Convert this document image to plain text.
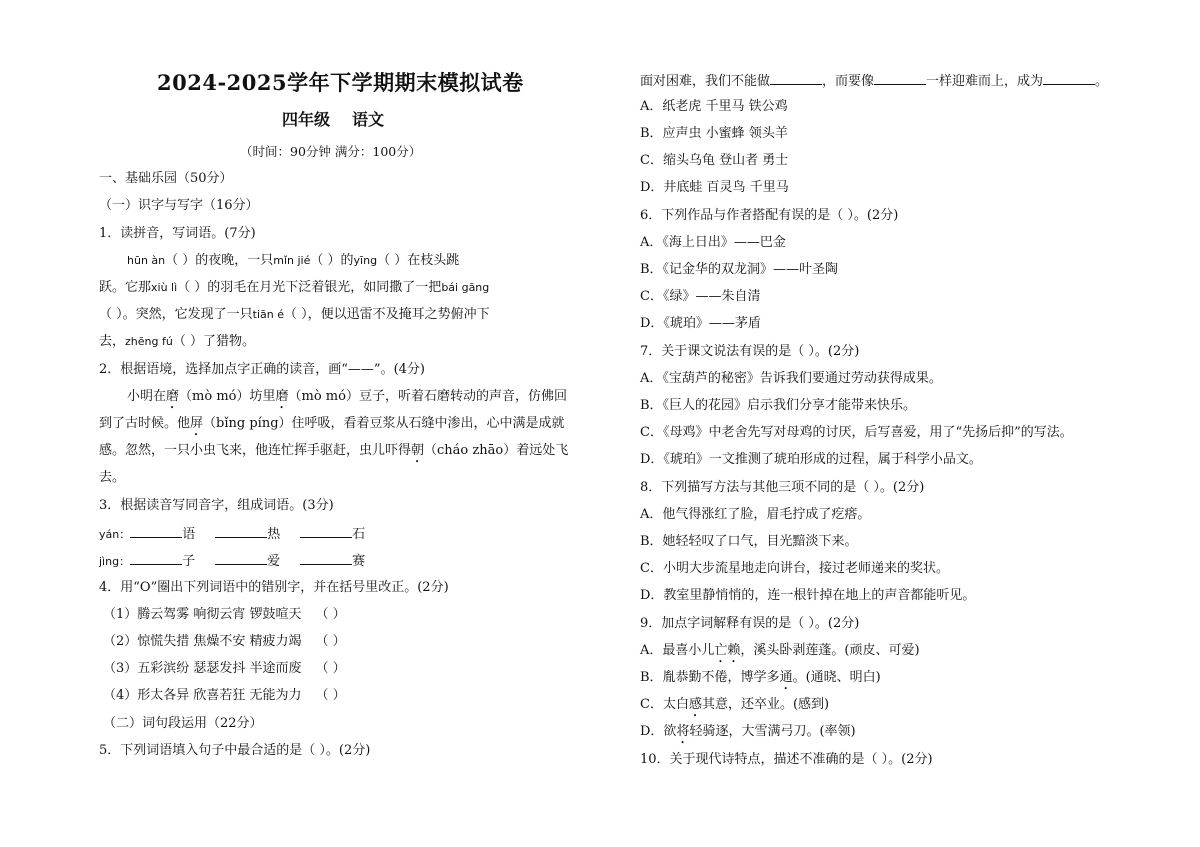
2024-2025学年下学期期末模拟试卷
四年级 语文
（时间：90分钟 满分：100分）
一、基础乐园（50分）
（一）识字与写字（16分）
1．读拼音，写词语。(7分)
hūn àn（ ）的夜晚，一只mǐn jié（ ）的yīng（ ）在枝头跳
跃。它那xiù lì（ ）的羽毛在月光下泛着银光，如同撒了一把bái gāng
（ ）。突然，它发现了一只tiān é（ ），便以迅雷不及掩耳之势俯冲下
去，zhēng fú（ ）了猎物。
2．根据语境，选择加点字正确的读音，画“——”。(4分)
小明在磨（mò mó）坊里磨（mò mó）豆子，听着石磨转动的声音，仿佛回
到了古时候。他屏（bǐng píng）住呼吸，看着豆浆从石缝中渗出，心中满是成就
感。忽然，一只小虫飞来，他连忙挥手驱赶，虫儿吓得朝（cháo zhāo）着远处飞
去。
3．根据读音写同音字，组成词语。(3分)
yán：	语	热	石
jìng：	子	爱	赛
4．用“O”圈出下列词语中的错别字，并在括号里改正。(2分)
（1）腾云驾雾 响彻云宵 锣鼓喧天 （ ）
（2）惊慌失措 焦燥不安 精疲力竭 （ ）
（3）五彩滨纷 瑟瑟发抖 半途而废 （ ）
（4）形太各异 欣喜若狂 无能为力 （ ）
（二）词句段运用（22分）
5．下列词语填入句子中最合适的是（ ）。(2分)
面对困难，我们不能做	，而要像	一样迎难而上，成为	。
A．纸老虎 千里马 铁公鸡
B．应声虫 小蜜蜂 领头羊
C．缩头乌龟 登山者 勇士
D．井底蛙 百灵鸟 千里马
6．下列作品与作者搭配有误的是（ ）。(2分)
A．《海上日出》——巴金
B．《记金华的双龙洞》——叶圣陶
C．《绿》——朱自清
D．《琥珀》——茅盾
7．关于课文说法有误的是（ ）。(2分)
A．《宝葫芦的秘密》告诉我们要通过劳动获得成果。
B．《巨人的花园》启示我们分享才能带来快乐。
C．《母鸡》中老舍先写对母鸡的讨厌，后写喜爱，用了“先扬后抑”的写法。
D．《琥珀》一文推测了琥珀形成的过程，属于科学小品文。
8．下列描写方法与其他三项不同的是（ ）。(2分)
A．他气得涨红了脸，眉毛拧成了疙瘩。
B．她轻轻叹了口气，目光黯淡下来。
C．小明大步流星地走向讲台，接过老师递来的奖状。
D．教室里静悄悄的，连一根针掉在地上的声音都能听见。
9．加点字词解释有误的是（ ）。(2分)
A．最喜小儿亡赖，溪头卧剥莲蓬。(顽皮、可爱)
B．胤恭勤不倦，博学多通。(通晓、明白)
C．太白感其意，还卒业。(感到)
D．欲将轻骑逐，大雪满弓刀。(率领)
10．关于现代诗特点，描述不准确的是（ ）。(2分)
